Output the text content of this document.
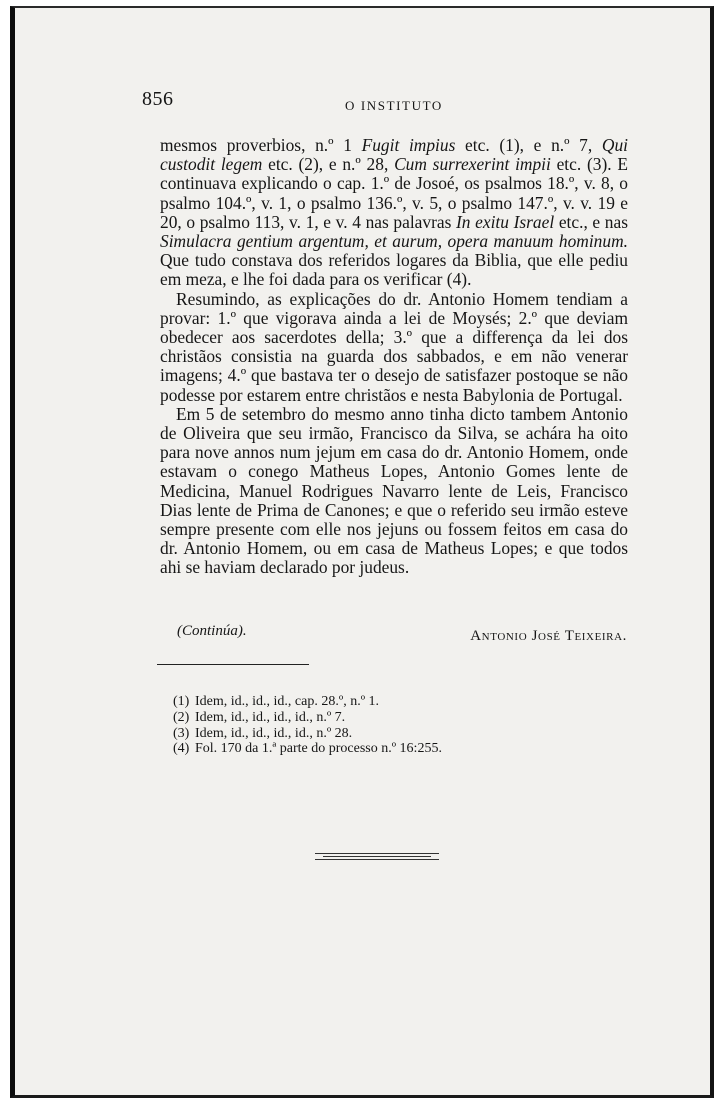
856	O INSTITUTO

mesmos proverbios, n.º 1 Fugit impius etc. (1), e n.º 7, Qui custodit legem etc. (2), e n.º 28, Cum surrexerint impii etc. (3). E continuava explicando o cap. 1.º de Josoé, os psalmos 18.º, v. 8, o psalmo 104.º, v. 1, o psalmo 136.º, v. 5, o psalmo 147.º, v. v. 19 e 20, o psalmo 113, v. 1, e v. 4 nas palavras In exitu Israel etc., e nas Simulacra gentium argentum, et aurum, opera manuum hominum. Que tudo constava dos referidos logares da Biblia, que elle pediu em meza, e lhe foi dada para os verificar (4).

Resumindo, as explicações do dr. Antonio Homem tendiam a provar: 1.º que vigorava ainda a lei de Moysés; 2.º que deviam obedecer aos sacerdotes della; 3.º que a differença da lei dos christãos consistia na guarda dos sabbados, e em não venerar imagens; 4.º que bastava ter o desejo de satisfazer postoque se não podesse por estarem entre christãos e nesta Babylonia de Portugal.

Em 5 de setembro do mesmo anno tinha dicto tambem Antonio de Oliveira que seu irmão, Francisco da Silva, se achára ha oito para nove annos num jejum em casa do dr. Antonio Homem, onde estavam o conego Matheus Lopes, Antonio Gomes lente de Medicina, Manuel Rodrigues Navarro lente de Leis, Francisco Dias lente de Prima de Canones; e que o referido seu irmão esteve sempre presente com elle nos jejuns ou fossem feitos em casa do dr. Antonio Homem, ou em casa de Matheus Lopes; e que todos ahi se haviam declarado por judeus.

(Continúa).	Antonio José Teixeira.
(1) Idem, id., id., id., cap. 28.º, n.º 1.
(2) Idem, id., id., id., id., n.º 7.
(3) Idem, id., id., id., id., n.º 28.
(4) Fol. 170 da 1.ª parte do processo n.º 16:255.
